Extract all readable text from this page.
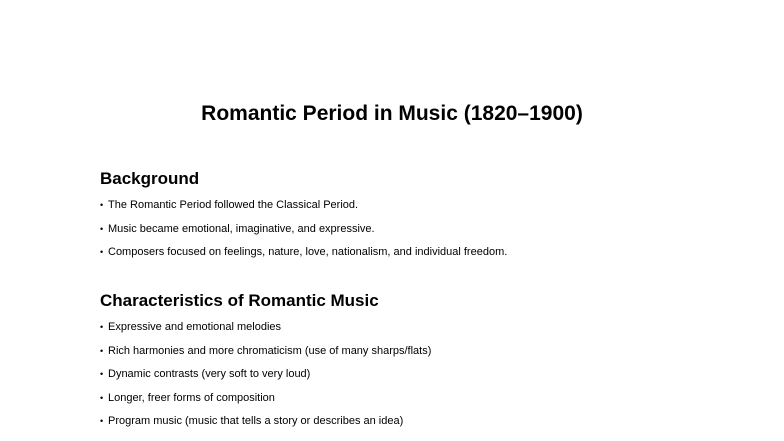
Romantic Period in Music (1820–1900)
Background
• The Romantic Period followed the Classical Period.
• Music became emotional, imaginative, and expressive.
• Composers focused on feelings, nature, love, nationalism, and individual freedom.
Characteristics of Romantic Music
• Expressive and emotional melodies
• Rich harmonies and more chromaticism (use of many sharps/flats)
• Dynamic contrasts (very soft to very loud)
• Longer, freer forms of composition
• Program music (music that tells a story or describes an idea)
